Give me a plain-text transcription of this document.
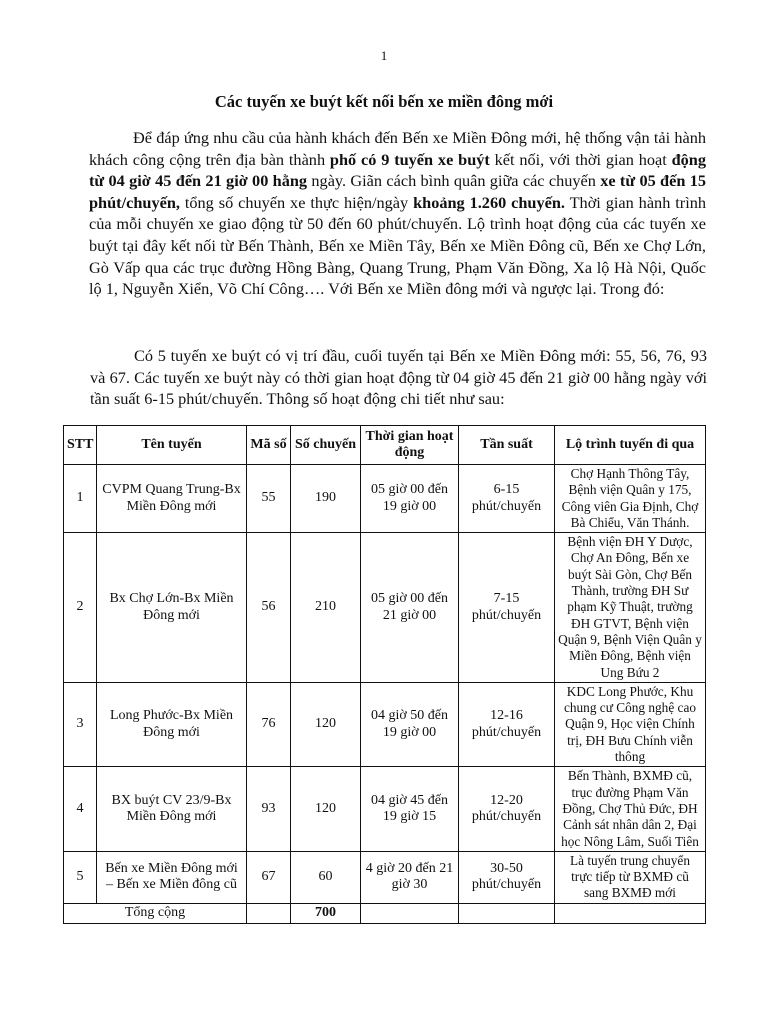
1
Các tuyến xe buýt kết nối bến xe miền đông mới

Để đáp ứng nhu cầu của hành khách đến Bến xe Miền Đông mới, hệ thống vận tải hành khách công cộng trên địa bàn thành phố có 9 tuyến xe buýt kết nối, với thời gian hoạt động từ 04 giờ 45 đến 21 giờ 00 hằng ngày. Giãn cách bình quân giữa các chuyến xe từ 05 đến 15 phút/chuyến, tổng số chuyến xe thực hiện/ngày khoảng 1.260 chuyến. Thời gian hành trình của mỗi chuyến xe giao động từ 50 đến 60 phút/chuyến. Lộ trình hoạt động của các tuyến xe buýt tại đây kết nối từ Bến Thành, Bến xe Miền Tây, Bến xe Miền Đông cũ, Bến xe Chợ Lớn, Gò Vấp qua các trục đường Hồng Bàng, Quang Trung, Phạm Văn Đồng, Xa lộ Hà Nội, Quốc lộ 1, Nguyễn Xiển, Võ Chí Công…. Với Bến xe Miền đông mới và ngược lại. Trong đó:

Có 5 tuyến xe buýt có vị trí đầu, cuối tuyến tại Bến xe Miền Đông mới: 55, 56, 76, 93 và 67. Các tuyến xe buýt này có thời gian hoạt động từ 04 giờ 45 đến 21 giờ 00 hằng ngày với tần suất 6-15 phút/chuyến. Thông số hoạt động chi tiết như sau:

STT	Tên tuyến	Mã số	Số chuyến	Thời gian hoạt động	Tần suất	Lộ trình tuyến đi qua
1	CVPM Quang Trung-Bx Miền Đông mới	55	190	05 giờ 00 đến 19 giờ 00	6-15 phút/chuyến	Chợ Hạnh Thông Tây, Bệnh viện Quân y 175, Công viên Gia Định, Chợ Bà Chiểu, Văn Thánh.
2	Bx Chợ Lớn-Bx Miền Đông mới	56	210	05 giờ 00 đến 21 giờ 00	7-15 phút/chuyến	Bệnh viện ĐH Y Dược, Chợ An Đông, Bến xe buýt Sài Gòn, Chợ Bến Thành, trường ĐH Sư phạm Kỹ Thuật, trường ĐH GTVT, Bệnh viện Quận 9, Bệnh Viện Quân y Miền Đông, Bệnh viện Ung Bứu 2
3	Long Phước-Bx Miền Đông mới	76	120	04 giờ 50 đến 19 giờ 00	12-16 phút/chuyến	KDC Long Phước, Khu chung cư Công nghệ cao Quận 9, Học viện Chính trị, ĐH Bưu Chính viễn thông
4	BX buýt CV 23/9-Bx Miền Đông mới	93	120	04 giờ 45 đến 19 giờ 15	12-20 phút/chuyến	Bến Thành, BXMĐ cũ, trục đường Phạm Văn Đồng, Chợ Thủ Đức, ĐH Cảnh sát nhân dân 2, Đại học Nông Lâm, Suối Tiên
5	Bến xe Miền Đông mới – Bến xe Miền đông cũ	67	60	4 giờ 20 đến 21 giờ 30	30-50 phút/chuyến	Là tuyến trung chuyển trực tiếp từ BXMĐ cũ sang BXMĐ mới
Tổng cộng			700			
